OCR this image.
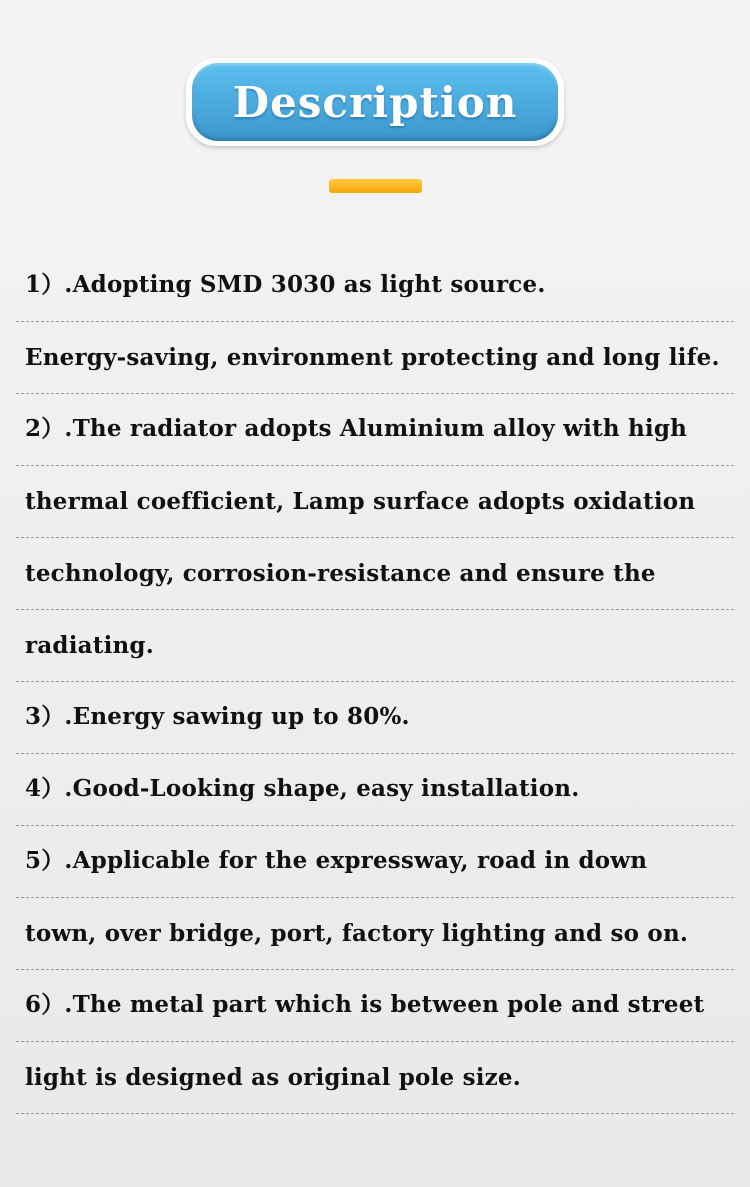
Description
1）.Adopting SMD 3030 as light source.
Energy-saving, environment protecting and long life.
2）.The radiator adopts Aluminium alloy with high
thermal coefficient, Lamp surface adopts oxidation
technology, corrosion-resistance and ensure the
radiating.
3）.Energy sawing up to 80%.
4）.Good-Looking shape, easy installation.
5）.Applicable for the expressway, road in down
town, over bridge, port, factory lighting and so on.
6）.The metal part which is between pole and street
light is designed as original pole size.
